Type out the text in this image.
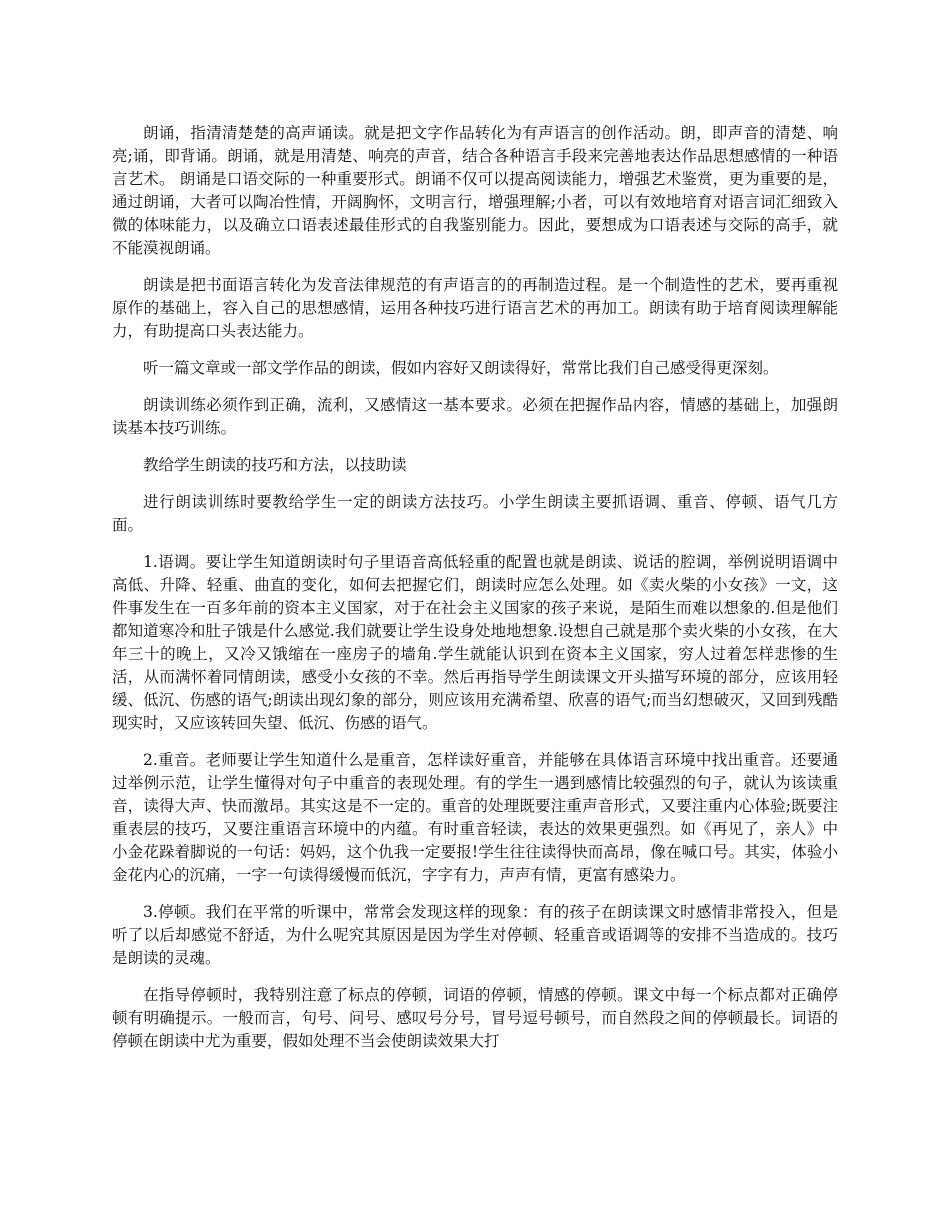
朗诵，指清清楚楚的高声诵读。就是把文字作品转化为有声语言的创作活动。朗，即声音的清楚、响亮;诵，即背诵。朗诵，就是用清楚、响亮的声音，结合各种语言手段来完善地表达作品思想感情的一种语言艺术。 朗诵是口语交际的一种重要形式。朗诵不仅可以提高阅读能力，增强艺术鉴赏，更为重要的是，通过朗诵，大者可以陶冶性情，开阔胸怀，文明言行，增强理解;小者，可以有效地培育对语言词汇细致入微的体味能力，以及确立口语表述最佳形式的自我鉴别能力。因此，要想成为口语表述与交际的高手，就不能漠视朗诵。

朗读是把书面语言转化为发音法律规范的有声语言的的再制造过程。是一个制造性的艺术，要再重视原作的基础上，容入自己的思想感情，运用各种技巧进行语言艺术的再加工。朗读有助于培育阅读理解能力，有助提高口头表达能力。

听一篇文章或一部文学作品的朗读，假如内容好又朗读得好，常常比我们自己感受得更深刻。

朗读训练必须作到正确，流利，又感情这一基本要求。必须在把握作品内容，情感的基础上，加强朗读基本技巧训练。

教给学生朗读的技巧和方法，以技助读

进行朗读训练时要教给学生一定的朗读方法技巧。小学生朗读主要抓语调、重音、停顿、语气几方面。

1.语调。要让学生知道朗读时句子里语音高低轻重的配置也就是朗读、说话的腔调，举例说明语调中高低、升降、轻重、曲直的变化，如何去把握它们，朗读时应怎么处理。如《卖火柴的小女孩》一文，这件事发生在一百多年前的资本主义国家，对于在社会主义国家的孩子来说，是陌生而难以想象的.但是他们都知道寒冷和肚子饿是什么感觉.我们就要让学生设身处地地想象.设想自己就是那个卖火柴的小女孩，在大年三十的晚上，又冷又饿缩在一座房子的墙角.学生就能认识到在资本主义国家，穷人过着怎样悲惨的生活，从而满怀着同情朗读，感受小女孩的不幸。然后再指导学生朗读课文开头描写环境的部分，应该用轻缓、低沉、伤感的语气;朗读出现幻象的部分，则应该用充满希望、欣喜的语气;而当幻想破灭，又回到残酷现实时，又应该转回失望、低沉、伤感的语气。

2.重音。老师要让学生知道什么是重音，怎样读好重音，并能够在具体语言环境中找出重音。还要通过举例示范，让学生懂得对句子中重音的表现处理。有的学生一遇到感情比较强烈的句子，就认为该读重音，读得大声、快而激昂。其实这是不一定的。重音的处理既要注重声音形式，又要注重内心体验;既要注重表层的技巧，又要注重语言环境中的内蕴。有时重音轻读，表达的效果更强烈。如《再见了，亲人》中小金花跺着脚说的一句话：妈妈，这个仇我一定要报!学生往往读得快而高昂，像在喊口号。其实，体验小金花内心的沉痛，一字一句读得缓慢而低沉，字字有力，声声有情，更富有感染力。

3.停顿。我们在平常的听课中，常常会发现这样的现象：有的孩子在朗读课文时感情非常投入，但是听了以后却感觉不舒适，为什么呢究其原因是因为学生对停顿、轻重音或语调等的安排不当造成的。技巧是朗读的灵魂。

在指导停顿时，我特别注意了标点的停顿，词语的停顿，情感的停顿。课文中每一个标点都对正确停顿有明确提示。一般而言，句号、问号、感叹号分号，冒号逗号顿号，而自然段之间的停顿最长。词语的停顿在朗读中尤为重要，假如处理不当会使朗读效果大打
